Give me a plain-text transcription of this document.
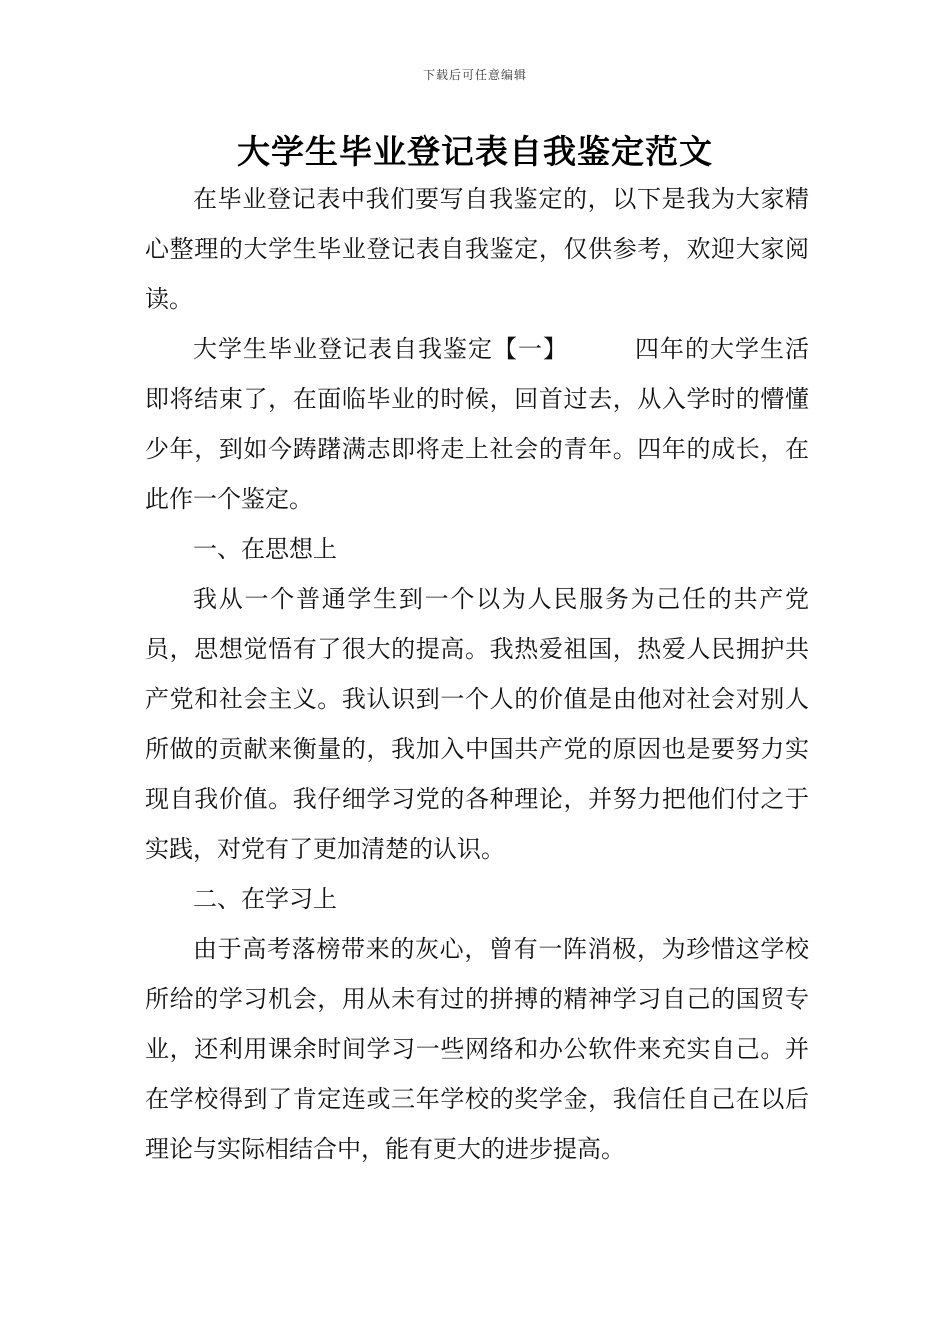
下载后可任意编辑
大学生毕业登记表自我鉴定范文

在毕业登记表中我们要写自我鉴定的，以下是我为大家精心整理的大学生毕业登记表自我鉴定，仅供参考，欢迎大家阅读。

大学生毕业登记表自我鉴定【一】	四年的大学生活即将结束了，在面临毕业的时候，回首过去，从入学时的懵懂少年，到如今踌躇满志即将走上社会的青年。四年的成长，在此作一个鉴定。

一、在思想上

我从一个普通学生到一个以为人民服务为己任的共产党员，思想觉悟有了很大的提高。我热爱祖国，热爱人民拥护共产党和社会主义。我认识到一个人的价值是由他对社会对别人所做的贡献来衡量的，我加入中国共产党的原因也是要努力实现自我价值。我仔细学习党的各种理论，并努力把他们付之于实践，对党有了更加清楚的认识。

二、在学习上

由于高考落榜带来的灰心，曾有一阵消极，为珍惜这学校所给的学习机会，用从未有过的拼搏的精神学习自己的国贸专业，还利用课余时间学习一些网络和办公软件来充实自己。并在学校得到了肯定连或三年学校的奖学金，我信任自己在以后理论与实际相结合中，能有更大的进步提高。
